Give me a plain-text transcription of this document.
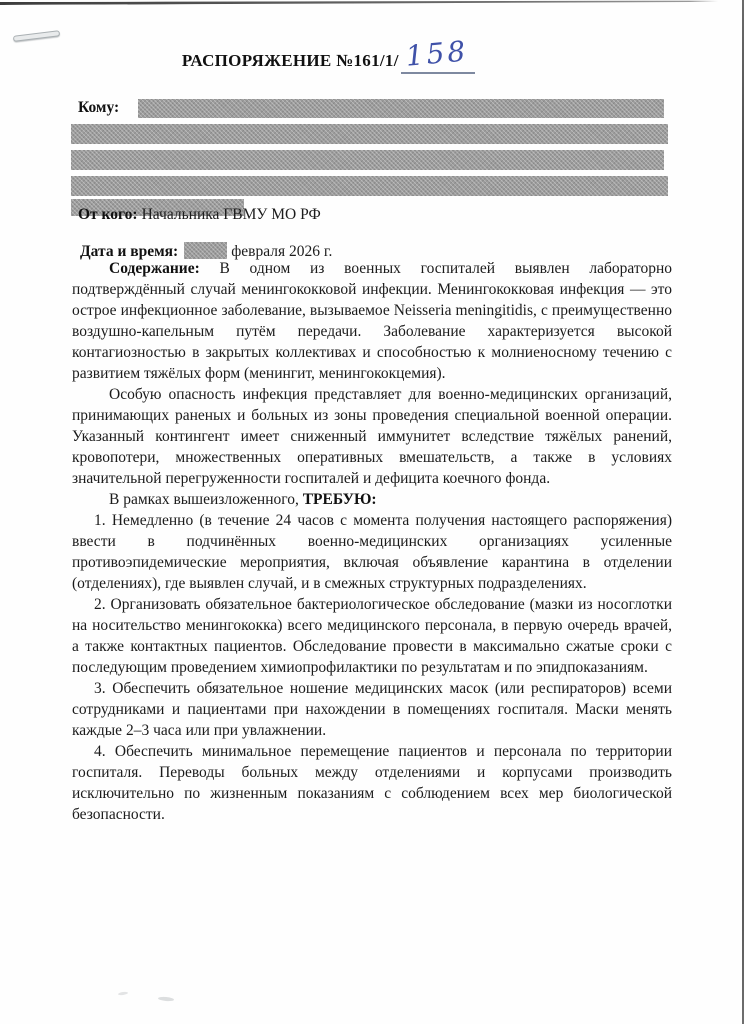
РАСПОРЯЖЕНИЕ №161/1/ 158
Кому:
От кого: Начальника ГВМУ МО РФ
Дата и время:	февраля 2026 г.

Содержание: В одном из военных госпиталей выявлен лабораторно подтверждённый случай менингококковой инфекции. Менингококковая инфекция — это острое инфекционное заболевание, вызываемое Neisseria meningitidis, с преимущественно воздушно-капельным путём передачи. Заболевание характеризуется высокой контагиозностью в закрытых коллективах и способностью к молниеносному течению с развитием тяжёлых форм (менингит, менингококцемия).

Особую опасность инфекция представляет для военно-медицинских организаций, принимающих раненых и больных из зоны проведения специальной военной операции. Указанный контингент имеет сниженный иммунитет вследствие тяжёлых ранений, кровопотери, множественных оперативных вмешательств, а также в условиях значительной перегруженности госпиталей и дефицита коечного фонда.

В рамках вышеизложенного, ТРЕБУЮ:

1. Немедленно (в течение 24 часов с момента получения настоящего распоряжения) ввести в подчинённых военно-медицинских организациях усиленные противоэпидемические мероприятия, включая объявление карантина в отделении (отделениях), где выявлен случай, и в смежных структурных подразделениях.

2. Организовать обязательное бактериологическое обследование (мазки из носоглотки на носительство менингококка) всего медицинского персонала, в первую очередь врачей, а также контактных пациентов. Обследование провести в максимально сжатые сроки с последующим проведением химиопрофилактики по результатам и по эпидпоказаниям.

3. Обеспечить обязательное ношение медицинских масок (или респираторов) всеми сотрудниками и пациентами при нахождении в помещениях госпиталя. Маски менять каждые 2–3 часа или при увлажнении.

4. Обеспечить минимальное перемещение пациентов и персонала по территории госпиталя. Переводы больных между отделениями и корпусами производить исключительно по жизненным показаниям с соблюдением всех мер биологической безопасности.
